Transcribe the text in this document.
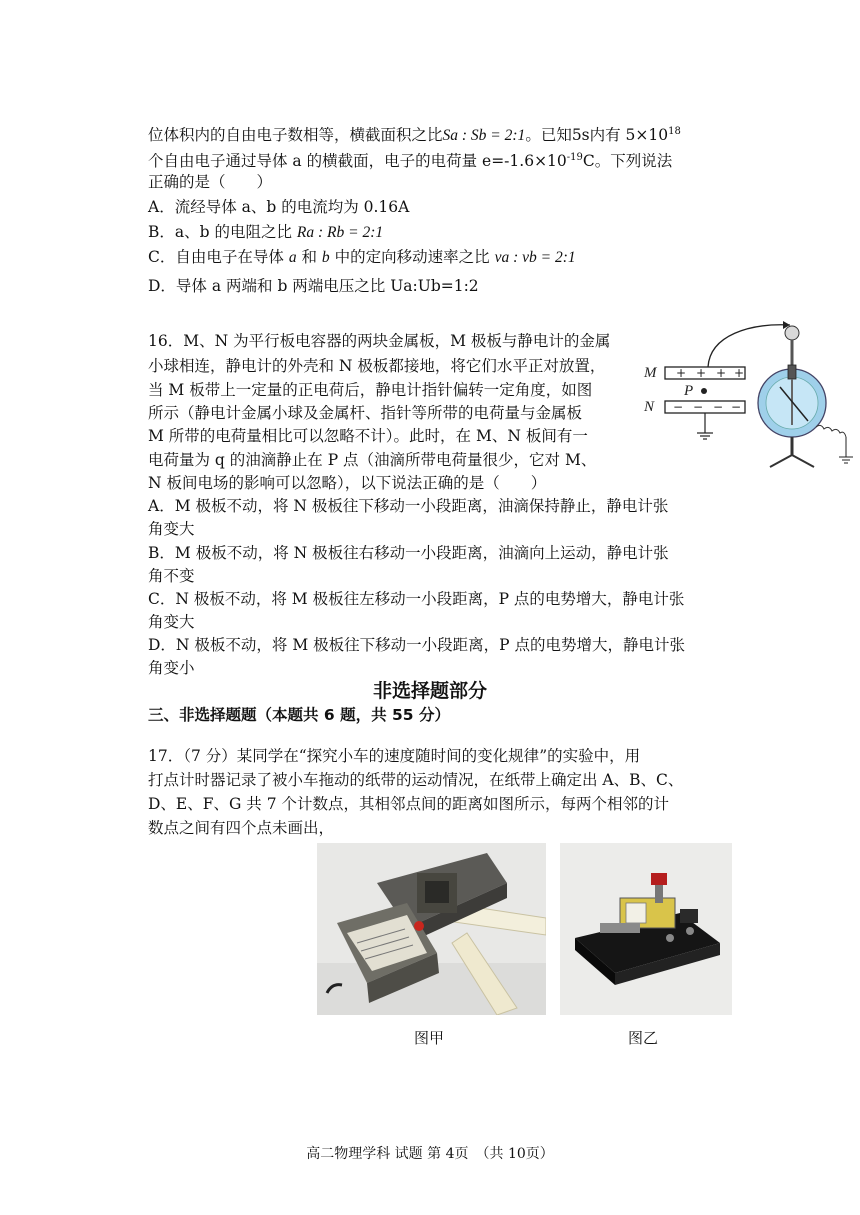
位体积内的自由电子数相等，横截面积之比Sa : Sb = 2:1。已知5s内有 $5\times 10^{18}$
个自由电子通过导体 a 的横截面，电子的电荷量 $e=-1.6\times 10^{-19}C$。下列说法
正确的是（　　）
A．流经导体 a、b 的电流均为 0.16A
B．a、b 的电阻之比 Ra : Rb = 2:1
C．自由电子在导体 a 和 b 中的定向移动速率之比 va : vb = 2:1
D．导体 a 两端和 b 两端电压之比 Ua:Ub=1:2
16．M、N 为平行板电容器的两块金属板，M 极板与静电计的金属
小球相连，静电计的外壳和 N 极板都接地，将它们水平正对放置，
当 M 板带上一定量的正电荷后，静电计指针偏转一定角度，如图
所示（静电计金属小球及金属杆、指针等所带的电荷量与金属板
M 所带的电荷量相比可以忽略不计）。此时，在 M、N 板间有一
电荷量为 q 的油滴静止在 P 点（油滴所带电荷量很少，它对 M、
N 板间电场的影响可以忽略），以下说法正确的是（　　）
A．M 极板不动，将 N 极板往下移动一小段距离，油滴保持静止，静电计张
角变大
B．M 极板不动，将 N 极板往右移动一小段距离，油滴向上运动，静电计张
角不变
C．N 极板不动，将 M 极板往左移动一小段距离，P 点的电势增大，静电计张
角变大
D．N 极板不动，将 M 极板往下移动一小段距离，P 点的电势增大，静电计张
角变小
+ + + +
M
P
− − − −
N
非选择题部分
三、非选择题题（本题共 6 题，共 55 分）
17．（7 分）某同学在“探究小车的速度随时间的变化规律”的实验中，用
打点计时器记录了被小车拖动的纸带的运动情况，在纸带上确定出 A、B、C、
D、E、F、G 共 7 个计数点，其相邻点间的距离如图所示，每两个相邻的计
数点之间有四个点未画出，
图甲	图乙
高二物理学科 试题 第 4页　（共 10页）
